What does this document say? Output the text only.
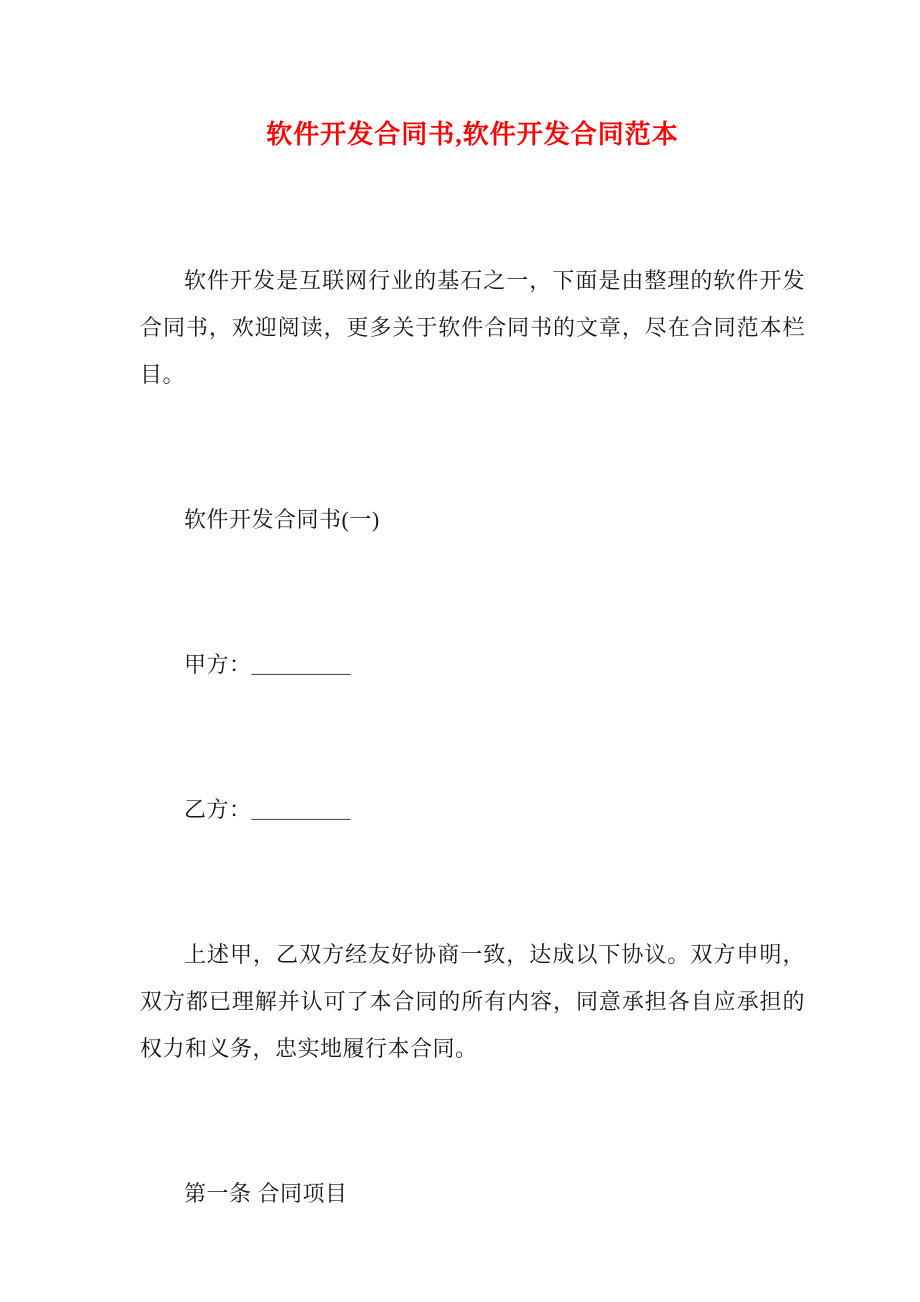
软件开发合同书,软件开发合同范本

软件开发是互联网行业的基石之一，下面是由整理的软件开发合同书，欢迎阅读，更多关于软件合同书的文章，尽在合同范本栏目。

软件开发合同书(一)

甲方：_________

乙方：_________

上述甲，乙双方经友好协商一致，达成以下协议。双方申明，双方都已理解并认可了本合同的所有内容，同意承担各自应承担的权力和义务，忠实地履行本合同。

第一条 合同项目
